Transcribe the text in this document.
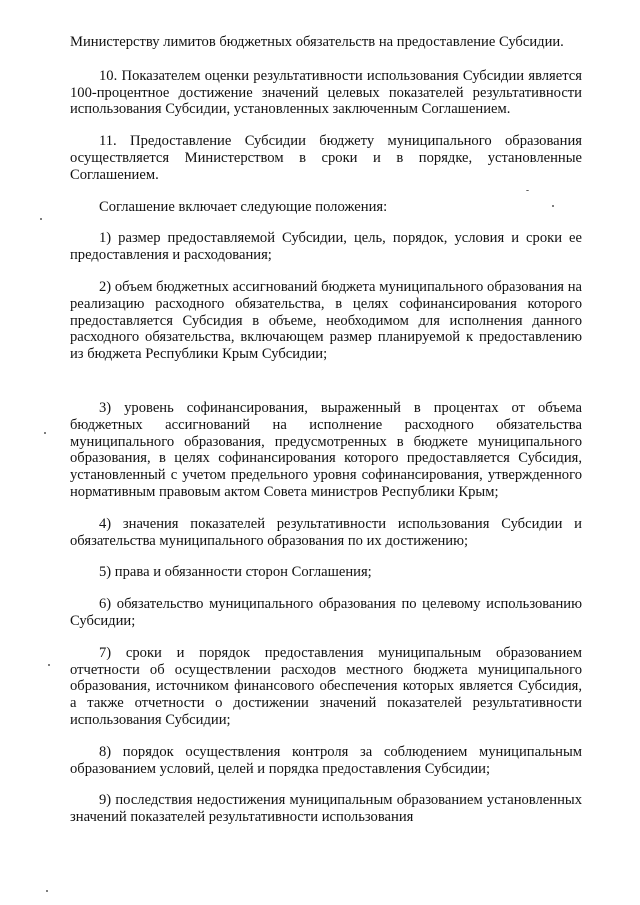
Министерству лимитов бюджетных обязательств на предоставление Субсидии.

10. Показателем оценки результативности использования Субсидии является 100-процентное достижение значений целевых показателей результативности использования Субсидии, установленных заключенным Соглашением.

11. Предоставление Субсидии бюджету муниципального образования осуществляется Министерством в сроки и в порядке, установленные Соглашением.

Соглашение включает следующие положения:

1) размер предоставляемой Субсидии, цель, порядок, условия и сроки ее предоставления и расходования;

2) объем бюджетных ассигнований бюджета муниципального образования на реализацию расходного обязательства, в целях софинансирования которого предоставляется Субсидия в объеме, необходимом для исполнения данного расходного обязательства, включающем размер планируемой к предоставлению из бюджета Республики Крым Субсидии;

3) уровень софинансирования, выраженный в процентах от объема бюджетных ассигнований на исполнение расходного обязательства муниципального образования, предусмотренных в бюджете муниципального образования, в целях софинансирования которого предоставляется Субсидия, установленный с учетом предельного уровня софинансирования, утвержденного нормативным правовым актом Совета министров Республики Крым;

4) значения показателей результативности использования Субсидии и обязательства муниципального образования по их достижению;

5) права и обязанности сторон Соглашения;

6) обязательство муниципального образования по целевому использованию Субсидии;

7) сроки и порядок предоставления муниципальным образованием отчетности об осуществлении расходов местного бюджета муниципального образования, источником финансового обеспечения которых является Субсидия, а также отчетности о достижении значений показателей результативности использования Субсидии;

8) порядок осуществления контроля за соблюдением муниципальным образованием условий, целей и порядка предоставления Субсидии;

9) последствия недостижения муниципальным образованием установленных значений показателей результативности использования
